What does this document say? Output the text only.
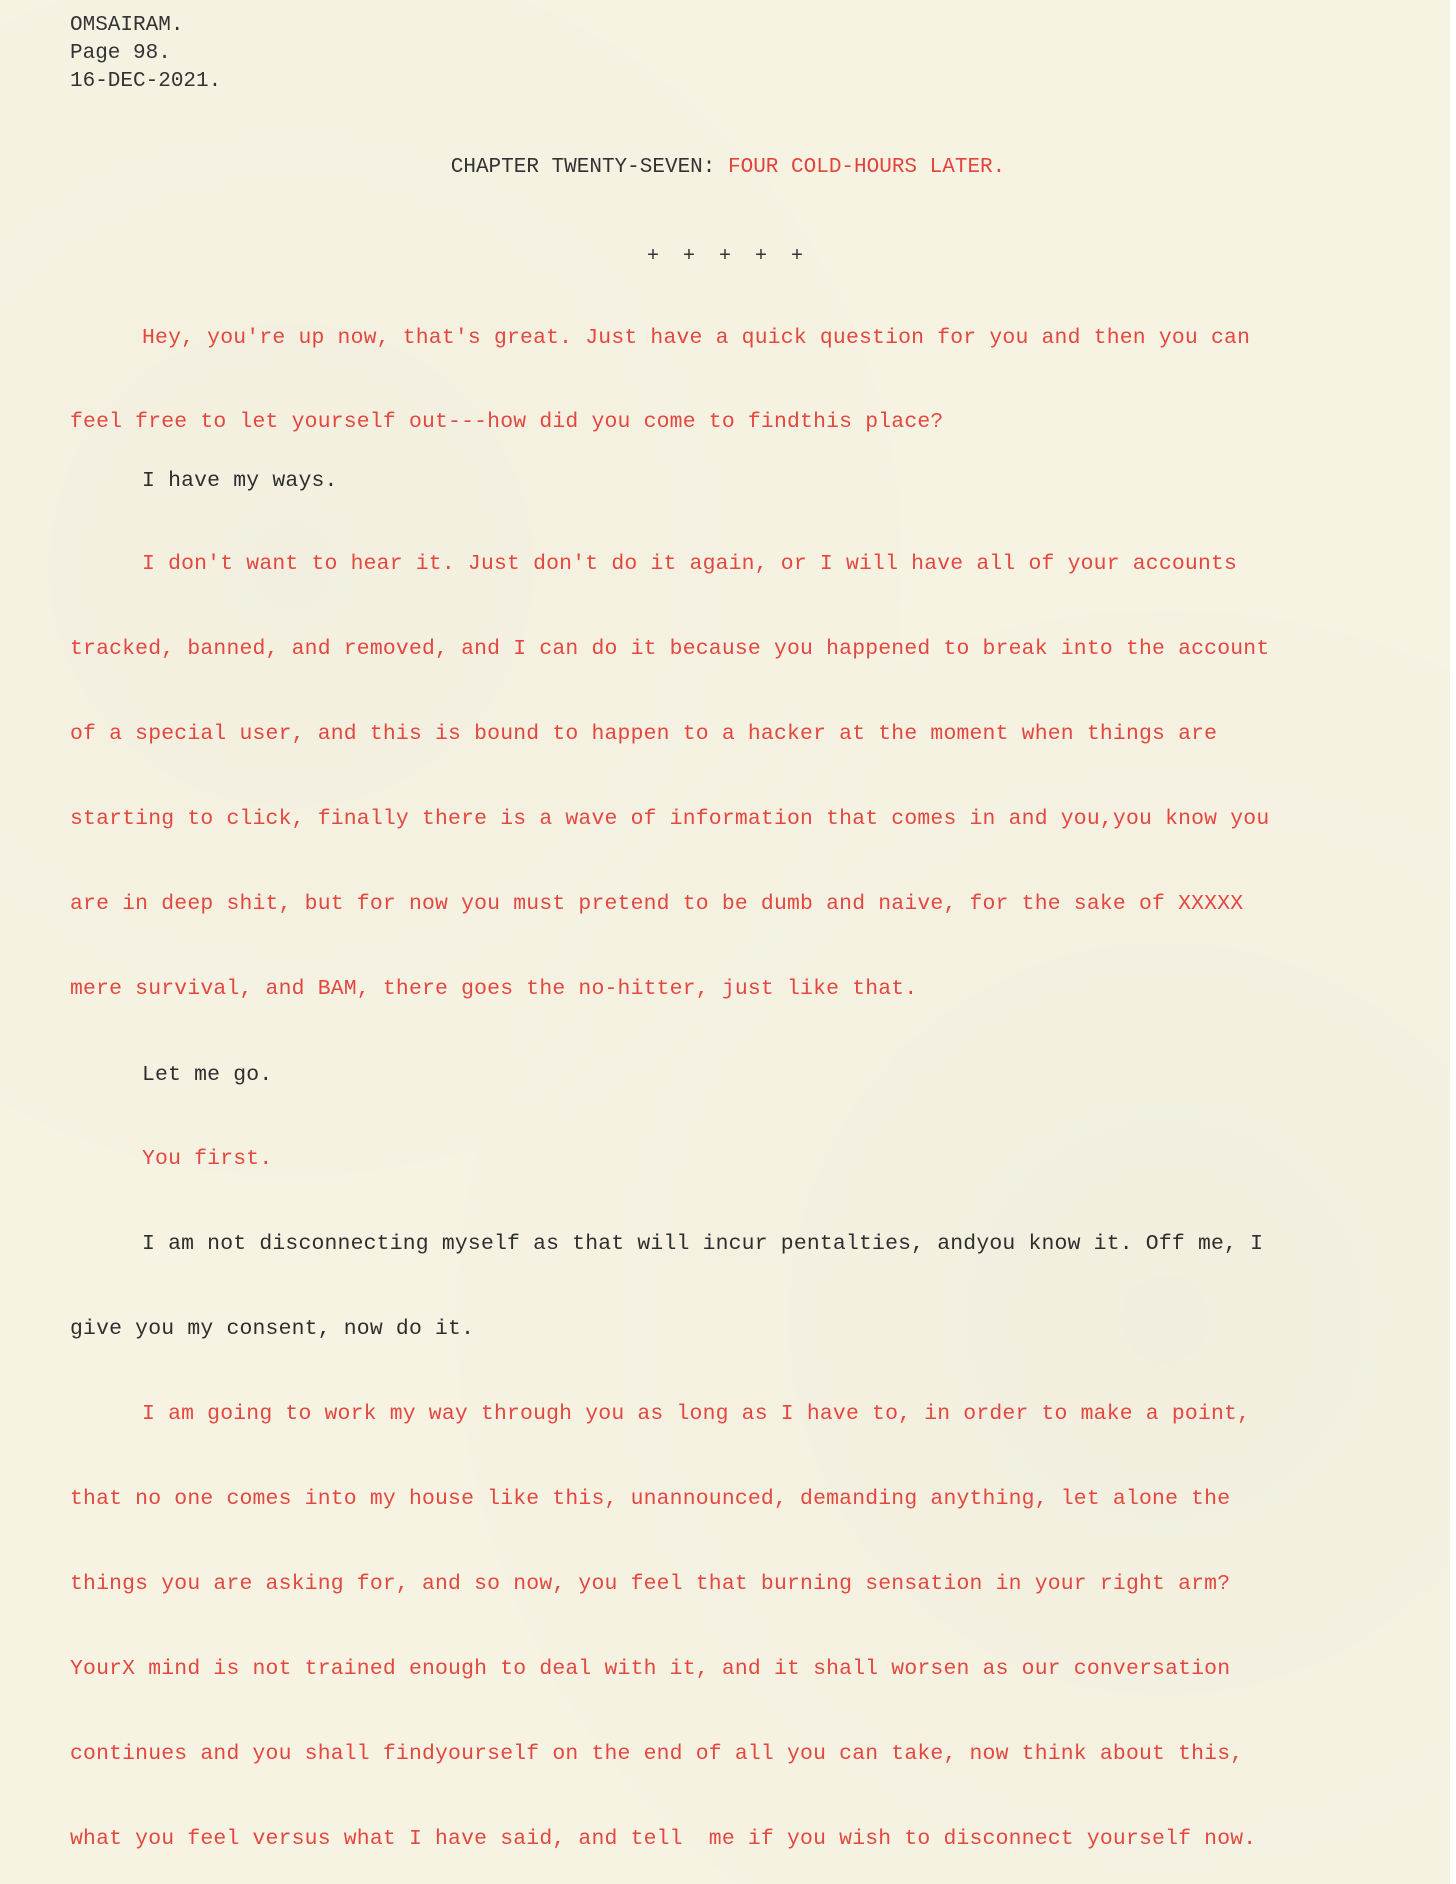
OMSAIRAM.
Page 98.
16-DEC-2021.
CHAPTER TWENTY-SEVEN: FOUR COLD-HOURS LATER.
+ + + + +
Hey, you're up now, that's great. Just have a quick question for you and then you can
feel free to let yourself out---how did you come to findthis place?
I have my ways.
I don't want to hear it. Just don't do it again, or I will have all of your accounts
tracked, banned, and removed, and I can do it because you happened to break into the account
of a special user, and this is bound to happen to a hacker at the moment when things are
starting to click, finally there is a wave of information that comes in and you,you know you
are in deep shit, but for now you must pretend to be dumb and naive, for the sake of XXXXX
mere survival, and BAM, there goes the no-hitter, just like that.
Let me go.
You first.
I am not disconnecting myself as that will incur pentalties, andyou know it. Off me, I
give you my consent, now do it.
I am going to work my way through you as long as I have to, in order to make a point,
that no one comes into my house like this, unannounced, demanding anything, let alone the
things you are asking for, and so now, you feel that burning sensation in your right arm?
YourX mind is not trained enough to deal with it, and it shall worsen as our conversation
continues and you shall findyourself on the end of all you can take, now think about this,
what you feel versus what I have said, and tell  me if you wish to disconnect yourself now.
